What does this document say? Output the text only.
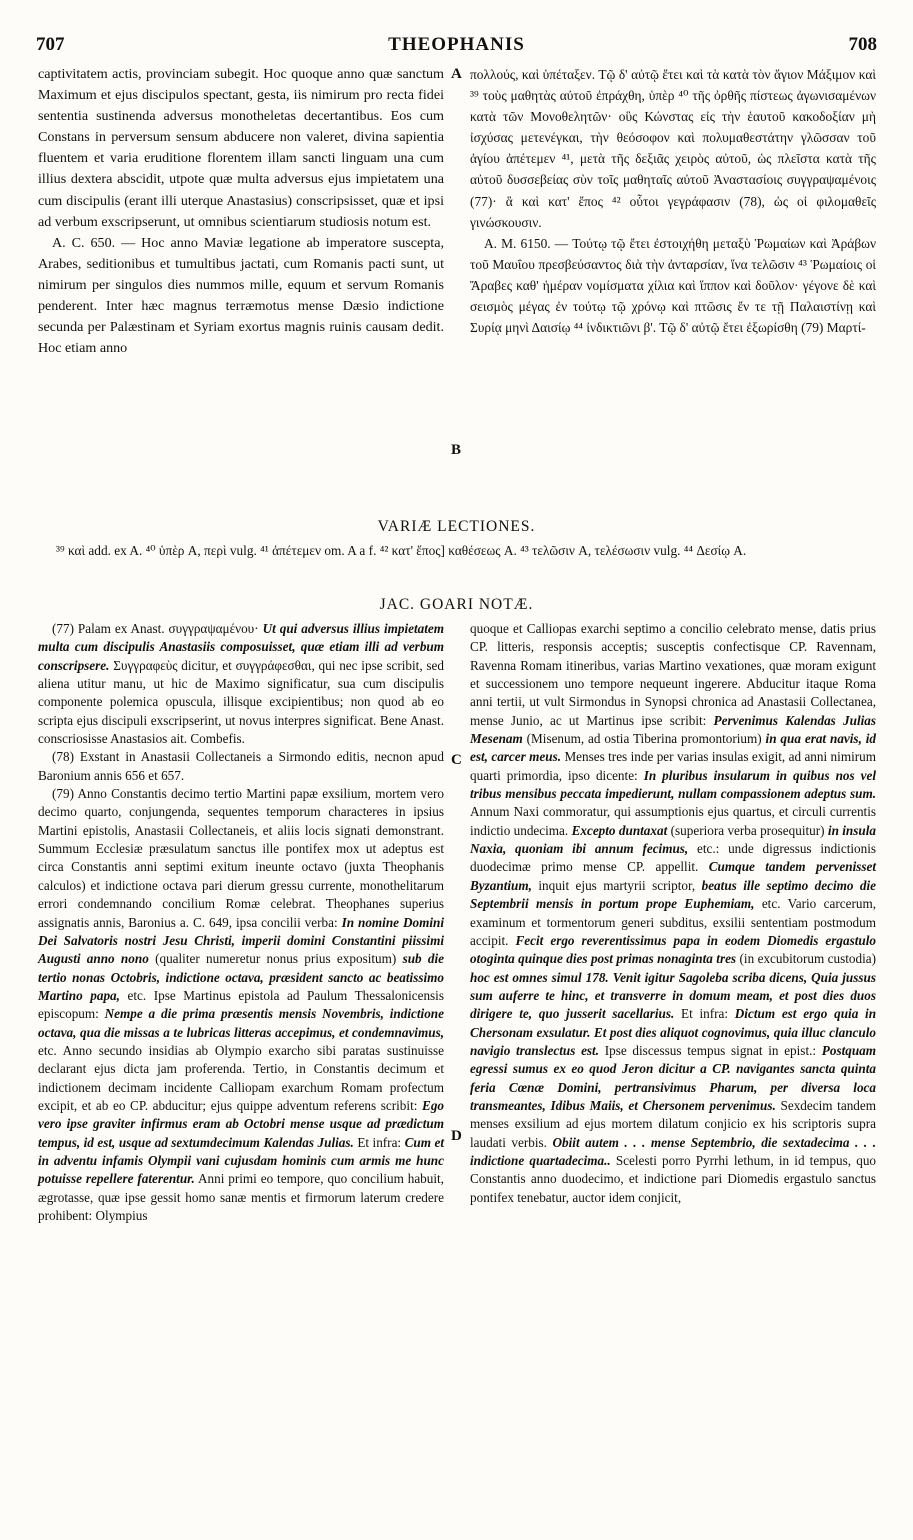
707	THEOPHANIS	708

captivitatem actis, provinciam subegit. Hoc quoque anno quæ sanctum Maximum et ejus discipulos spectant, gesta, iis nimirum pro recta fidei sententia sustinenda adversus monotheletas decertantibus. Eos cum Constans in perversum sensum abducere non valeret, divina sapientia fluentem et varia eruditione florentem illam sancti linguam una cum illius dextera abscidit, utpote quæ multa adversus ejus impietatem una cum discipulis (erant illi uterque Anastasius) conscripsisset, quæ et ipsi ad verbum exscripserunt, ut omnibus scientiarum studiosis notum est.

A. C. 650. — Hoc anno Maviæ legatione ab imperatore suscepta, Arabes, seditionibus et tumultibus jactati, cum Romanis pacti sunt, ut nimirum per singulos dies nummos mille, equum et servum Romanis penderent. Inter hæc magnus terræmotus mense Dæsio indictione secunda per Palæstinam et Syriam exortus magnis ruinis causam dedit. Hoc etiam anno

A
B

πολλούς, καὶ ὑπέταξεν. Τῷ δ' αὐτῷ ἔτει καὶ τὰ κατὰ τὸν ἅγιον Μάξιμον καὶ ³⁹ τοὺς μαθητὰς αὐτοῦ ἐπράχθη, ὑπὲρ ⁴⁰ τῆς ὀρθῆς πίστεως ἀγωνισαμένων κατὰ τῶν Μονοθελητῶν· οὓς Κώνστας εἰς τὴν ἑαυτοῦ κακοδοξίαν μὴ ἰσχύσας μετενέγκαι, τὴν θεόσοφον καὶ πολυμαθεστάτην γλῶσσαν τοῦ ἁγίου ἀπέτεμεν ⁴¹, μετὰ τῆς δεξιᾶς χειρὸς αὐτοῦ, ὡς πλεῖστα κατὰ τῆς αὐτοῦ δυσσεβείας σὺν τοῖς μαθηταῖς αὐτοῦ Ἀναστασίοις συγγραψαμένοις (77)· ἃ καὶ κατ' ἔπος ⁴² οὗτοι γεγράφασιν (78), ὡς οἱ φιλομαθεῖς γινώσκουσιν.

A. M. 6150. — Τούτῳ τῷ ἔτει ἐστοιχήθη μεταξὺ Ῥωμαίων καὶ Ἀράβων τοῦ Μαυΐου πρεσβεύσαντος διὰ τὴν ἀνταρσίαν, ἵνα τελῶσιν ⁴³ Ῥωμαίοις οἱ Ἄραβες καθ' ἡμέραν νομίσματα χίλια καὶ ἵππον καὶ δοῦλον· γέγονε δὲ καὶ σεισμὸς μέγας ἐν τούτῳ τῷ χρόνῳ καὶ πτῶσις ἔν τε τῇ Παλαιστίνῃ καὶ Συρίᾳ μηνὶ Δαισίῳ ⁴⁴ ἰνδικτιῶνι β'. Τῷ δ' αὐτῷ ἔτει ἐξωρίσθη (79) Μαρτί-

VARIÆ LECTIONES.
³⁹ καὶ add. ex A. ⁴⁰ ὑπὲρ A, περὶ vulg. ⁴¹ ἀπέτεμεν om. A a f. ⁴² κατ' ἔπος] καθέσεως A. ⁴³ τελῶσιν A, τελέσωσιν vulg. ⁴⁴ Δεσίῳ A.
JAC. GOARI NOTÆ.

(77) Palam ex Anast. συγγραψαμένου· Ut qui adversus illius impietatem multa cum discipulis Anastasiis composuisset, quæ etiam illi ad verbum conscripsere. Συγγραφεὺς dicitur, et συγγράφεσθαι, qui nec ipse scribit, sed aliena utitur manu, ut hic de Maximo significatur, sua cum discipulis componente polemica opuscula, illisque excipientibus; non quod ab eo scripta ejus discipuli exscripserint, ut novus interpres significat. Bene Anast. conscriosisse Anastasios ait. Combefis.

(78) Exstant in Anastasii Collectaneis a Sirmondo editis, necnon apud Baronium annis 656 et 657.

(79) Anno Constantis decimo tertio Martini papæ exsilium, mortem vero decimo quarto, conjungenda, sequentes temporum characteres in ipsius Martini epistolis, Anastasii Collectaneis, et aliis locis signati demonstrant. Summum Ecclesiæ præsulatum sanctus ille pontifex mox ut adeptus est circa Constantis anni septimi exitum ineunte octavo (juxta Theophanis calculos) et indictione octava pari dierum gressu currente, monothelitarum errori condemnando concilium Romæ celebrat. Theophanes superius assignatis annis, Baronius a. C. 649, ipsa concilii verba: In nomine Domini Dei Salvatoris nostri Jesu Christi, imperii domini Constantini piissimi Augusti anno nono (qualiter numeretur nonus prius expositum) sub die tertio nonas Octobris, indictione octava, præsident sancto ac beatissimo Martino papa, etc. Ipse Martinus epistola ad Paulum Thessalonicensis episcopum: Nempe a die prima præsentis mensis Novembris, indictione octava, qua die missas a te lubricas litteras accepimus, et condemnavimus, etc. Anno secundo insidias ab Olympio exarcho sibi paratas sustinuisse declarant ejus dicta jam proferenda. Tertio, in Constantis decimum et indictionem decimam incidente Calliopam exarchum Romam profectum excipit, et ab eo CP. abducitur; ejus quippe adventum referens scribit: Ego vero ipse graviter infirmus eram ab Octobri mense usque ad prædictum tempus, id est, usque ad sextumdecimum Kalendas Julias. Et infra: Cum et in adventu infamis Olympii vani cujusdam hominis cum armis me hunc potuisse repellere faterentur. Anni primi eo tempore, quo concilium habuit, ægrotasse, quæ ipse gessit homo sanæ mentis et firmorum laterum credere prohibent: Olympius

C
D

quoque et Calliopas exarchi septimo a concilio celebrato mense, datis prius CP. litteris, responsis acceptis; susceptis confectisque CP. Ravennam, Ravenna Romam itineribus, varias Martino vexationes, quæ moram exigunt et successionem uno tempore nequeunt ingerere. Abducitur itaque Roma anni tertii, ut vult Sirmondus in Synopsi chronica ad Anastasii Collectanea, mense Junio, ac ut Martinus ipse scribit: Pervenimus Kalendas Julias Mesenam (Misenum, ad ostia Tiberina promontorium) in qua erat navis, id est, carcer meus. Menses tres inde per varias insulas exigit, ad anni nimirum quarti primordia, ipso dicente: In pluribus insularum in quibus nos vel tribus mensibus peccata impedierunt, nullam compassionem adeptus sum. Annum Naxi commoratur, qui assumptionis ejus quartus, et circuli currentis indictio undecima. Excepto duntaxat (superiora verba prosequitur) in insula Naxia, quoniam ibi annum fecimus, etc.: unde digressus indictionis duodecimæ primo mense CP. appellit. Cumque tandem pervenisset Byzantium, inquit ejus martyrii scriptor, beatus ille septimo decimo die Septembrii mensis in portum prope Euphemiam, etc. Vario carcerum, examinum et tormentorum generi subditus, exsilii sententiam postmodum accipit. Fecit ergo reverentissimus papa in eodem Diomedis ergastulo otoginta quinque dies post primas nonaginta tres (in excubitorum custodia) hoc est omnes simul 178. Venit igitur Sagoleba scriba dicens, Quia jussus sum auferre te hinc, et transverre in domum meam, et post dies duos dirigere te, quo jusserit sacellarius. Et infra: Dictum est ergo quia in Chersonam exsulatur. Et post dies aliquot cognovimus, quia illuc clanculo navigio translectus est. Ipse discessus tempus signat in epist.: Postquam egressi sumus ex eo quod Jeron dicitur a CP. navigantes sancta quinta feria Cœnæ Domini, pertransivimus Pharum, per diversa loca transmeantes, Idibus Maiis, et Chersonem pervenimus. Sexdecim tandem menses exsilium ad ejus mortem dilatum conjicio ex his scriptoris supra laudati verbis. Obiit autem . . . mense Septembrio, die sextadecima . . . indictione quartadecima.. Scelesti porro Pyrrhi lethum, in id tempus, quo Constantis anno duodecimo, et indictione pari Diomedis ergastulo sanctus pontifex tenebatur, auctor idem conjicit,
